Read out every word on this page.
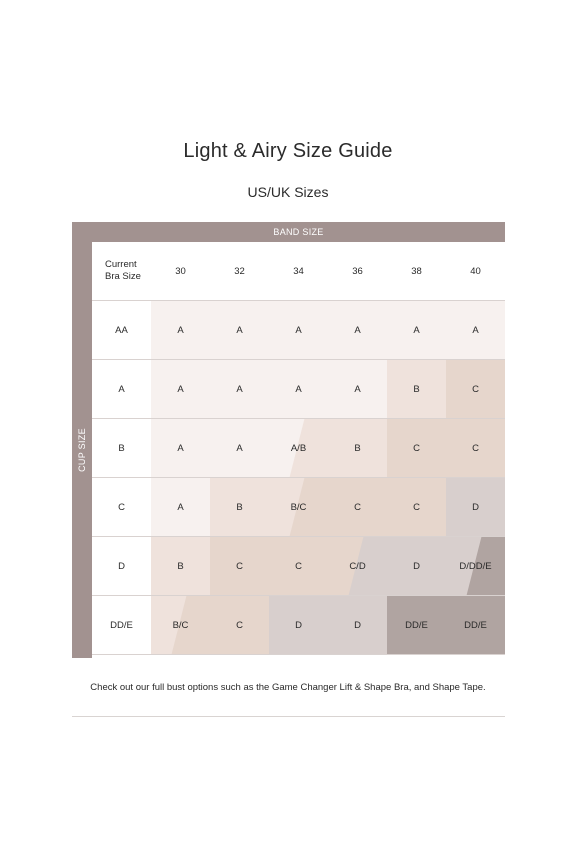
Light & Airy Size Guide
US/UK Sizes
BAND SIZE
CUP SIZE
Current Bra Size	30	32	34	36	38	40
AA	A	A	A	A	A	A
A	A	A	A	A	B	C
B	A	A	A/B	B	C	C
C	A	B	B/C	C	C	D
D	B	C	C	C/D	D	D/DD/E
DD/E	B/C	C	D	D	DD/E	DD/E
Check out our full bust options such as the Game Changer Lift & Shape Bra, and Shape Tape.
